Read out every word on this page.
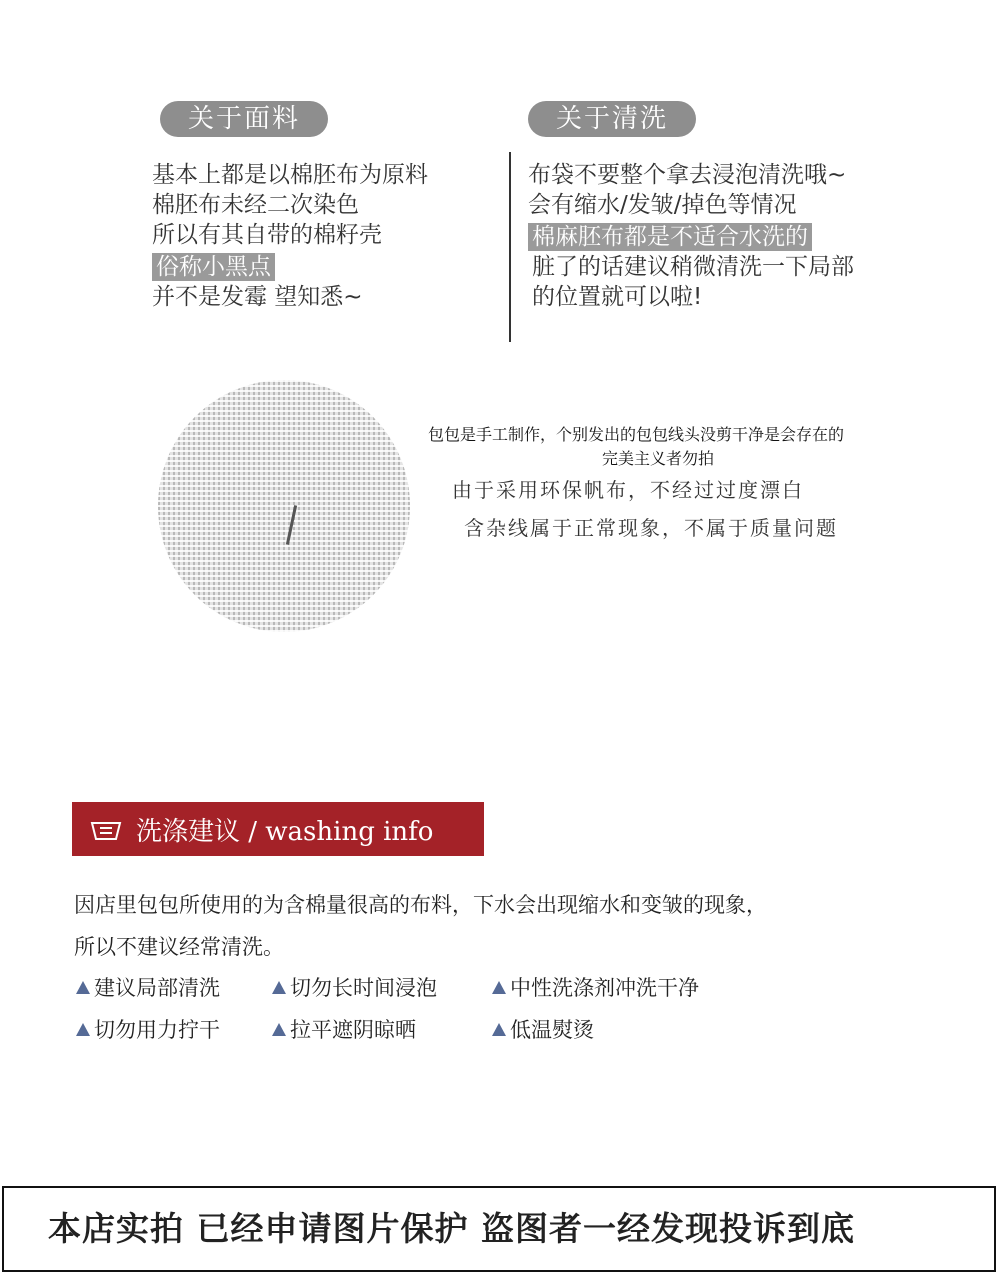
关于面料
基本上都是以棉胚布为原料
棉胚布未经二次染色
所以有其自带的棉籽壳
俗称小黑点
并不是发霉 望知悉~
关于清洗
布袋不要整个拿去浸泡清洗哦~
会有缩水/发皱/掉色等情况
棉麻胚布都是不适合水洗的
脏了的话建议稍微清洗一下局部
的位置就可以啦!
包包是手工制作，个别发出的包包线头没剪干净是会存在的
完美主义者勿拍
由于采用环保帆布，不经过过度漂白
含杂线属于正常现象，不属于质量问题
洗涤建议 / washing info
因店里包包所使用的为含棉量很高的布料，下水会出现缩水和变皱的现象，
所以不建议经常清洗。
建议局部清洗	切勿长时间浸泡	中性洗涤剂冲洗干净
切勿用力拧干	拉平遮阴晾晒	低温熨烫
本店实拍 已经申请图片保护 盗图者一经发现投诉到底
